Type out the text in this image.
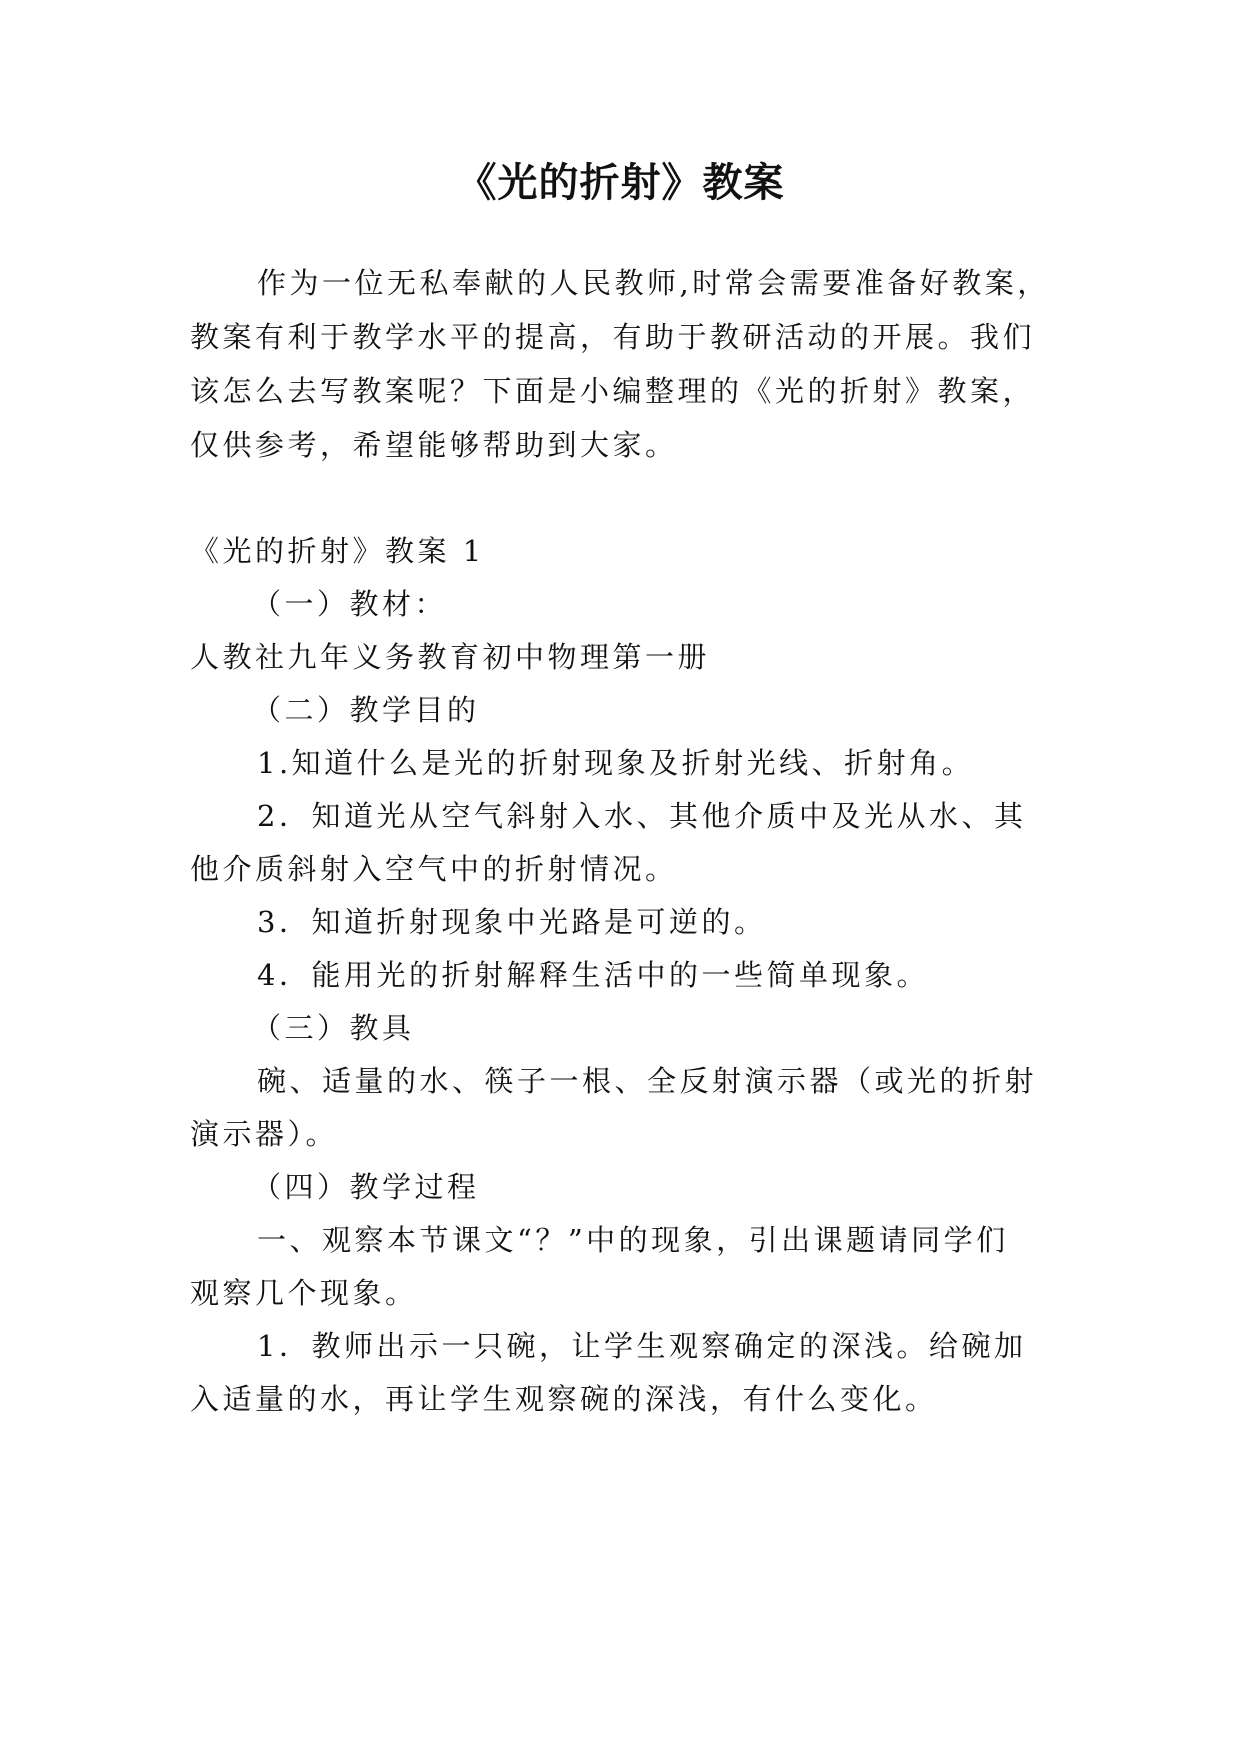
《光的折射》教案
作为一位无私奉献的人民教师,时常会需要准备好教案，
教案有利于教学水平的提高，有助于教研活动的开展。我们
该怎么去写教案呢？下面是小编整理的《光的折射》教案，
仅供参考，希望能够帮助到大家。
《光的折射》教案 1
（一）教材：
人教社九年义务教育初中物理第一册
（二）教学目的
1.知道什么是光的折射现象及折射光线、折射角。
2．知道光从空气斜射入水、其他介质中及光从水、其
他介质斜射入空气中的折射情况。
3．知道折射现象中光路是可逆的。
4．能用光的折射解释生活中的一些简单现象。
（三）教具
碗、适量的水、筷子一根、全反射演示器（或光的折射
演示器）。
（四）教学过程
一、观察本节课文“？”中的现象，引出课题请同学们
观察几个现象。
1．教师出示一只碗，让学生观察确定的深浅。给碗加
入适量的水，再让学生观察碗的深浅，有什么变化。
